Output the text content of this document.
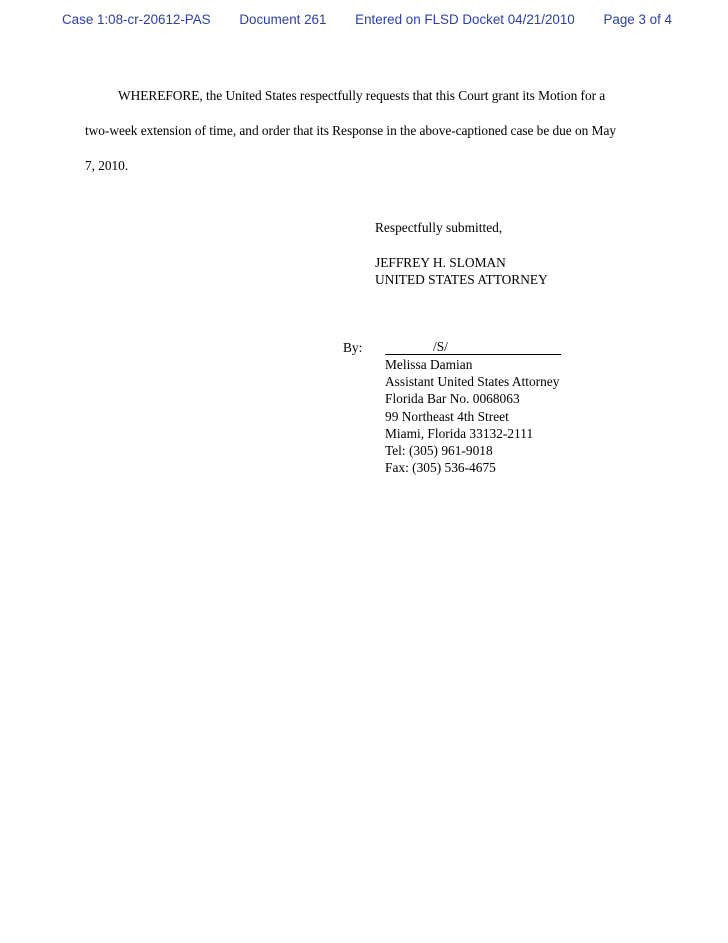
Case 1:08-cr-20612-PAS Document 261 Entered on FLSD Docket 04/21/2010 Page 3 of 4
WHEREFORE, the United States respectfully requests that this Court grant its Motion for a
two-week extension of time, and order that its Response in the above-captioned case be due on May
7, 2010.
Respectfully submitted,
JEFFREY H. SLOMAN
UNITED STATES ATTORNEY
By:	/S/
Melissa Damian
Assistant United States Attorney
Florida Bar No. 0068063
99 Northeast 4th Street
Miami, Florida 33132-2111
Tel: (305) 961-9018
Fax: (305) 536-4675
